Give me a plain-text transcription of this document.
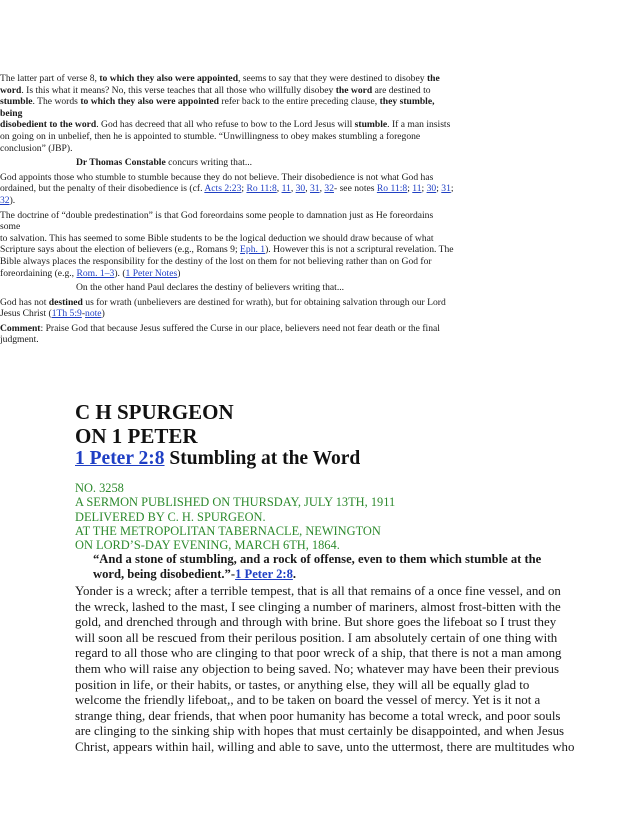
The latter part of verse 8, to which they also were appointed, seems to say that they were destined to disobey the
word. Is this what it means? No, this verse teaches that all those who willfully disobey the word are destined to
stumble. The words to which they also were appointed refer back to the entire preceding clause, they stumble, being
disobedient to the word. God has decreed that all who refuse to bow to the Lord Jesus will stumble. If a man insists
on going on in unbelief, then he is appointed to stumble. “Unwillingness to obey makes stumbling a foregone
conclusion” (JBP).

Dr Thomas Constable concurs writing that...

God appoints those who stumble to stumble because they do not believe. Their disobedience is not what God has
ordained, but the penalty of their disobedience is (cf. Acts 2:23; Ro 11:8, 11, 30, 31, 32- see notes Ro 11:8; 11; 30; 31;
32).

The doctrine of “double predestination” is that God foreordains some people to damnation just as He foreordains some
to salvation. This has seemed to some Bible students to be the logical deduction we should draw because of what
Scripture says about the election of believers (e.g., Romans 9; Eph. 1). However this is not a scriptural revelation. The
Bible always places the responsibility for the destiny of the lost on them for not believing rather than on God for
foreordaining (e.g., Rom. 1–3). (1 Peter Notes)

On the other hand Paul declares the destiny of believers writing that...

God has not destined us for wrath (unbelievers are destined for wrath), but for obtaining salvation through our Lord
Jesus Christ (1Th 5:9-note)

Comment: Praise God that because Jesus suffered the Curse in our place, believers need not fear death or the final
judgment.

C H SPURGEON
ON 1 PETER
1 Peter 2:8 Stumbling at the Word
NO. 3258
A SERMON PUBLISHED ON THURSDAY, JULY 13TH, 1911
DELIVERED BY C. H. SPURGEON.
AT THE METROPOLITAN TABERNACLE, NEWINGTON
ON LORD’S-DAY EVENING, MARCH 6TH, 1864.
“And a stone of stumbling, and a rock of offense, even to them which stumble at the
word, being disobedient.”-1 Peter 2:8.
Yonder is a wreck; after a terrible tempest, that is all that remains of a once fine vessel, and on
the wreck, lashed to the mast, I see clinging a number of mariners, almost frost-bitten with the
gold, and drenched through and through with brine. But shore goes the lifeboat so I trust they
will soon all be rescued from their perilous position. I am absolutely certain of one thing with
regard to all those who are clinging to that poor wreck of a ship, that there is not a man among
them who will raise any objection to being saved. No; whatever may have been their previous
position in life, or their habits, or tastes, or anything else, they will all be equally glad to
welcome the friendly lifeboat,, and to be taken on board the vessel of mercy. Yet is it not a
strange thing, dear friends, that when poor humanity has become a total wreck, and poor souls
are clinging to the sinking ship with hopes that must certainly be disappointed, and when Jesus
Christ, appears within hail, willing and able to save, unto the uttermost, there are multitudes who
